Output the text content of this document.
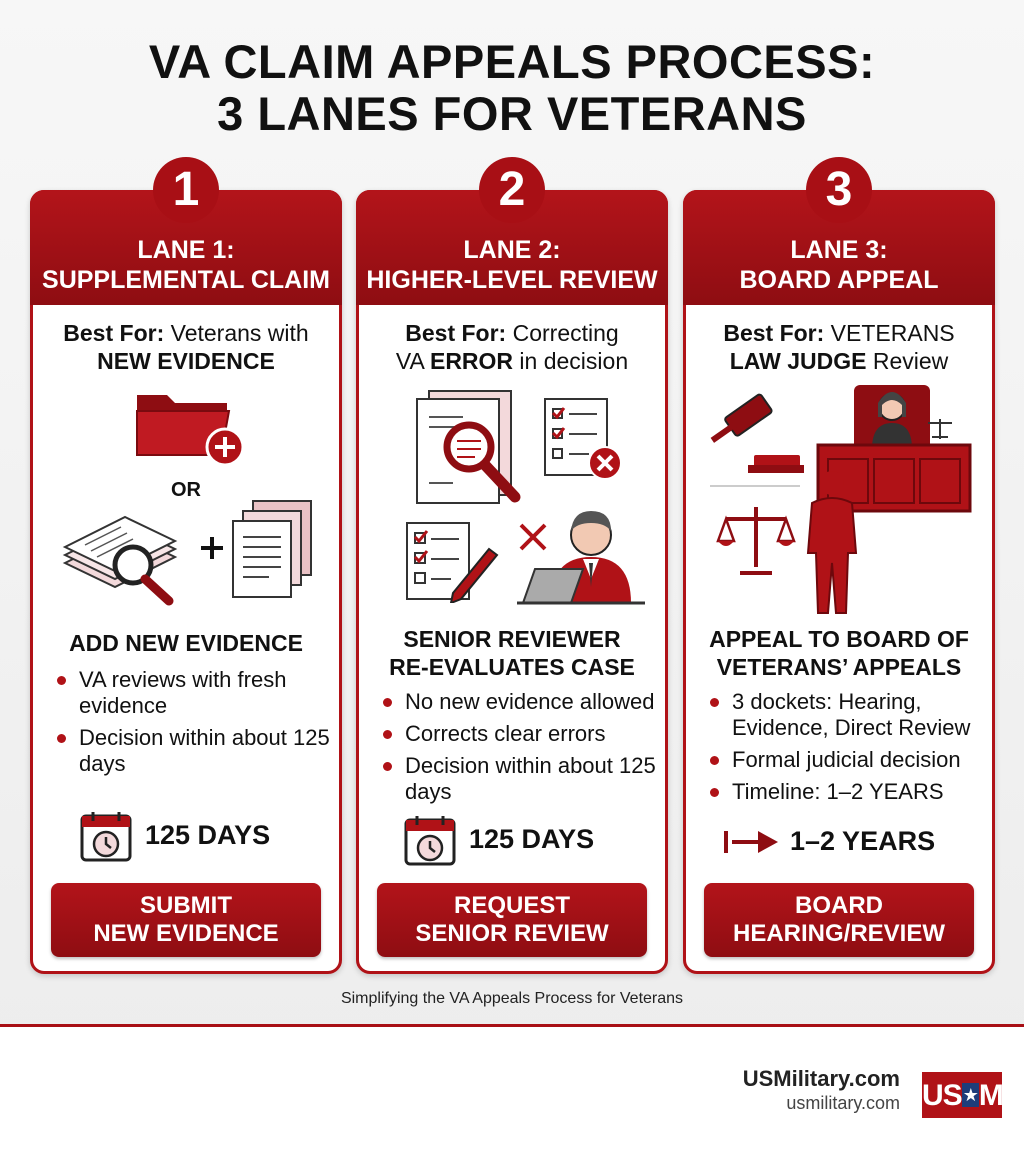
VA CLAIM APPEALS PROCESS:
3 LANES FOR VETERANS
1
LANE 1:
SUPPLEMENTAL CLAIM
Best For: Veterans with
NEW EVIDENCE
OR
ADD NEW EVIDENCE
VA reviews with fresh evidence
Decision within about 125 days
125 DAYS
SUBMIT
NEW EVIDENCE
2
LANE 2:
HIGHER-LEVEL REVIEW
Best For: Correcting
VA ERROR in decision
SENIOR REVIEWER
RE-EVALUATES CASE
No new evidence allowed
Corrects clear errors
Decision within about 125 days
125 DAYS
REQUEST
SENIOR REVIEW
3
LANE 3:
BOARD APPEAL
Best For: VETERANS
LAW JUDGE Review
APPEAL TO BOARD OF
VETERANS’ APPEALS
3 dockets: Hearing, Evidence, Direct Review
Formal judicial decision
Timeline: 1–2 YEARS
1–2 YEARS
BOARD
HEARING/REVIEW
Simplifying the VA Appeals Process for Veterans
USMilitary.com
usmilitary.com US★M
